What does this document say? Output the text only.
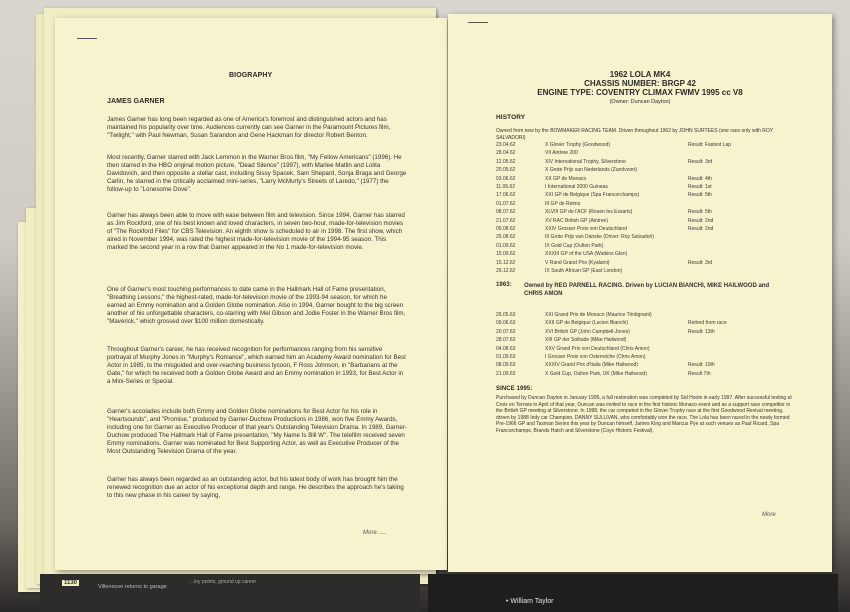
BIOGRAPHY
JAMES GARNER
James Garner has long been regarded as one of America's foremost and distinguished actors and has maintained his popularity over time. Audiences currently can see Garner in the Paramount Pictures film, "Twilight," with Paul Newman, Susan Sarandon and Gene Hackman for director Robert Benton.
Most recently, Garner starred with Jack Lemmon in the Warner Bros film, "My Fellow Americans" (1996). He then starred in the HBO original motion picture, "Dead Silence" (1997), with Marlee Matlin and Lolita Davidovich, and then opposite a stellar cast, including Sissy Spacek, Sam Shepard, Sonja Braga and George Carlin, he starred in the critically acclaimed mini-series, "Larry McMurty's Streets of Laredo," (1977) the follow-up to "Lonesome Dove".
Garner has always been able to move with ease between film and television. Since 1994, Garner has starred as Jim Rockford, one of his best known and loved characters, in seven two-hour, made-for-television movies of "The Rockford Files" for CBS Television. An eighth show is scheduled to air in 1998. The first show, which aired in November 1994, was rated the highest made-for-television movie of the 1994-95 season. This marked the second year in a row that Garner appeared in the No 1 made-for-television movie.
One of Garner's most touching performances to date came in the Hallmark Hall of Fame presentation, "Breathing Lessons," the highest-rated, made-for-television movie of the 1993-94 season, for which he earned an Emmy nomination and a Golden Globe nomination. Also in 1994, Garner bought to the big screen another of his unforgettable characters, co-starring with Mel Gibson and Jodie Foster in the Warner Bros film, "Maverick," which grossed over $100 million domestically.
Throughout Garner's career, he has received recognition for performances ranging from his sensitive portrayal of Murphy Jones in "Murphy's Romance", which earned him an Academy Award nomination for Best Actor in 1985, to the misguided and over-reaching business tycoon, F Ross Johnson, in "Barbarians at the Gate," for which he received both a Golden Globe Award and an Emmy nomination in 1993, for Best Actor in a Mini-Series or Special.
Garner's accolades include both Emmy and Golden Globe nominations for Best Actor for his role in "Heartsounds", and "Promise," produced by Garner-Duchow Productions in 1986, won five Emmy Awards, including one for Garner as Executive Producer of that year's Outstanding Television Drama. In 1989, Garner-Duchow produced The Hallmark Hall of Fame presentation, "My Name Is Bill W". The telefilm received seven Emmy nominations. Garner was nominated for Best Supporting Actor, as well as Executive Producer of the Most Outstanding Television Drama of the year.
Garner has always been regarded as an outstanding actor, but his latest body of work has brought him the renewed recognition due an actor of his exceptional depth and range. He describes the approach he's taking to this new phase in his career by saying,
More......
1962 LOLA MK4
CHASSIS NUMBER: BRGP 42
ENGINE TYPE: COVENTRY CLIMAX FWMV 1995 cc V8
(Owner: Duncan Dayton)
HISTORY
Owned from new by the BOWMAKER RACING TEAM. Driven throughout 1962 by JOHN SURTEES (one race only with ROY SALVADORI)
23.04.62	X Glovér Trophy (Goodwood)	Result: Fastest Lap
28.04.62	VII Aintree 200
12.05.62	XIV International Trophy, Silverstone	Result: 3rd
20.05.62	X Grote Prijs van Nederlands (Zandvoort)
03.06.62	XX GP de Monaco	Result: 4th
11.06.62	I International 2000 Guineas	Result: 1st
17.06.62	XXI GP de Belgique (Spa Francorchamps)	Result: 5th
01.07.62	III GP de Reims
08.07.62	XLVIII GP de l'ACF (Rouen les Essarts)	Result: 5th
21.07.62	XV RAC British GP (Aintree)	Result: 2nd
05.08.62	XXIV Grosser Preis von Deutschland	Result: 2nd
25.08.62	III Grote Prijs van Danske (Driver: Roy Salvadori)
01.09.62	IX Gold Cup (Oulton Park)
15.09.62	XXXIII GP of the USA (Watkins Glen)
15.12.62	V Rand Grand Prix (Kyalami)	Result: 3rd
29.12.62	IX South African GP (East London)
1963: Owned by REG PARNELL RACING. Driven by LUCIAN BIANCHI, MIKE HAILWOOD and CHRIS AMON
26.05.63	XXI Grand Prix de Monaco (Maurice Trintignant)
09.06.63	XXII GP de Belgique (Lucien Bianchi)	Retired from race
20.07.63	XVI British GP (John Campbell-Jones)	Result: 13th
28.07.63	XIII GP der Solitude (Mike Hailwood)
04.08.63	XXV Grand Prix von Deutschland (Chris Amon)
01.09.63	I Grosser Preis von Osterreiche (Chris Amon)
08.09.63	XXXIV Grand Prix d'Italia (Mike Hailwood)	Result: 10th
21.09.63	X Gold Cup, Oulton Park, UK (Mike Hailwood)	Result 7th
SINCE 1995:
Purchased by Duncan Dayton in January 1995, a full restoration was completed by Sid Hoole in early 1997. After successful testing at Croix en Ternois in April of that year, Duncan was invited to race in the first historic Monaco event and as a support race competitor in the British GP meeting at Silverstone. In 1998, the car competed in the Glover Trophy race at the first Goodwood Revival meeting, driven by 1988 Indy car Champion, DANNY SULLIVAN, who comfortably won the race. The Lola has been raced in the newly formed Pre-1966 GP and Tasman Series this year by Duncan himself, James King and Marcus Pye at such venues as Paul Ricard, Spa Francorchamps, Brands Hatch and Silverstone (Coys Historic Festival).
More
1130
Villeneuve returns to garage
...iny points, ground up career
• William Taylor
